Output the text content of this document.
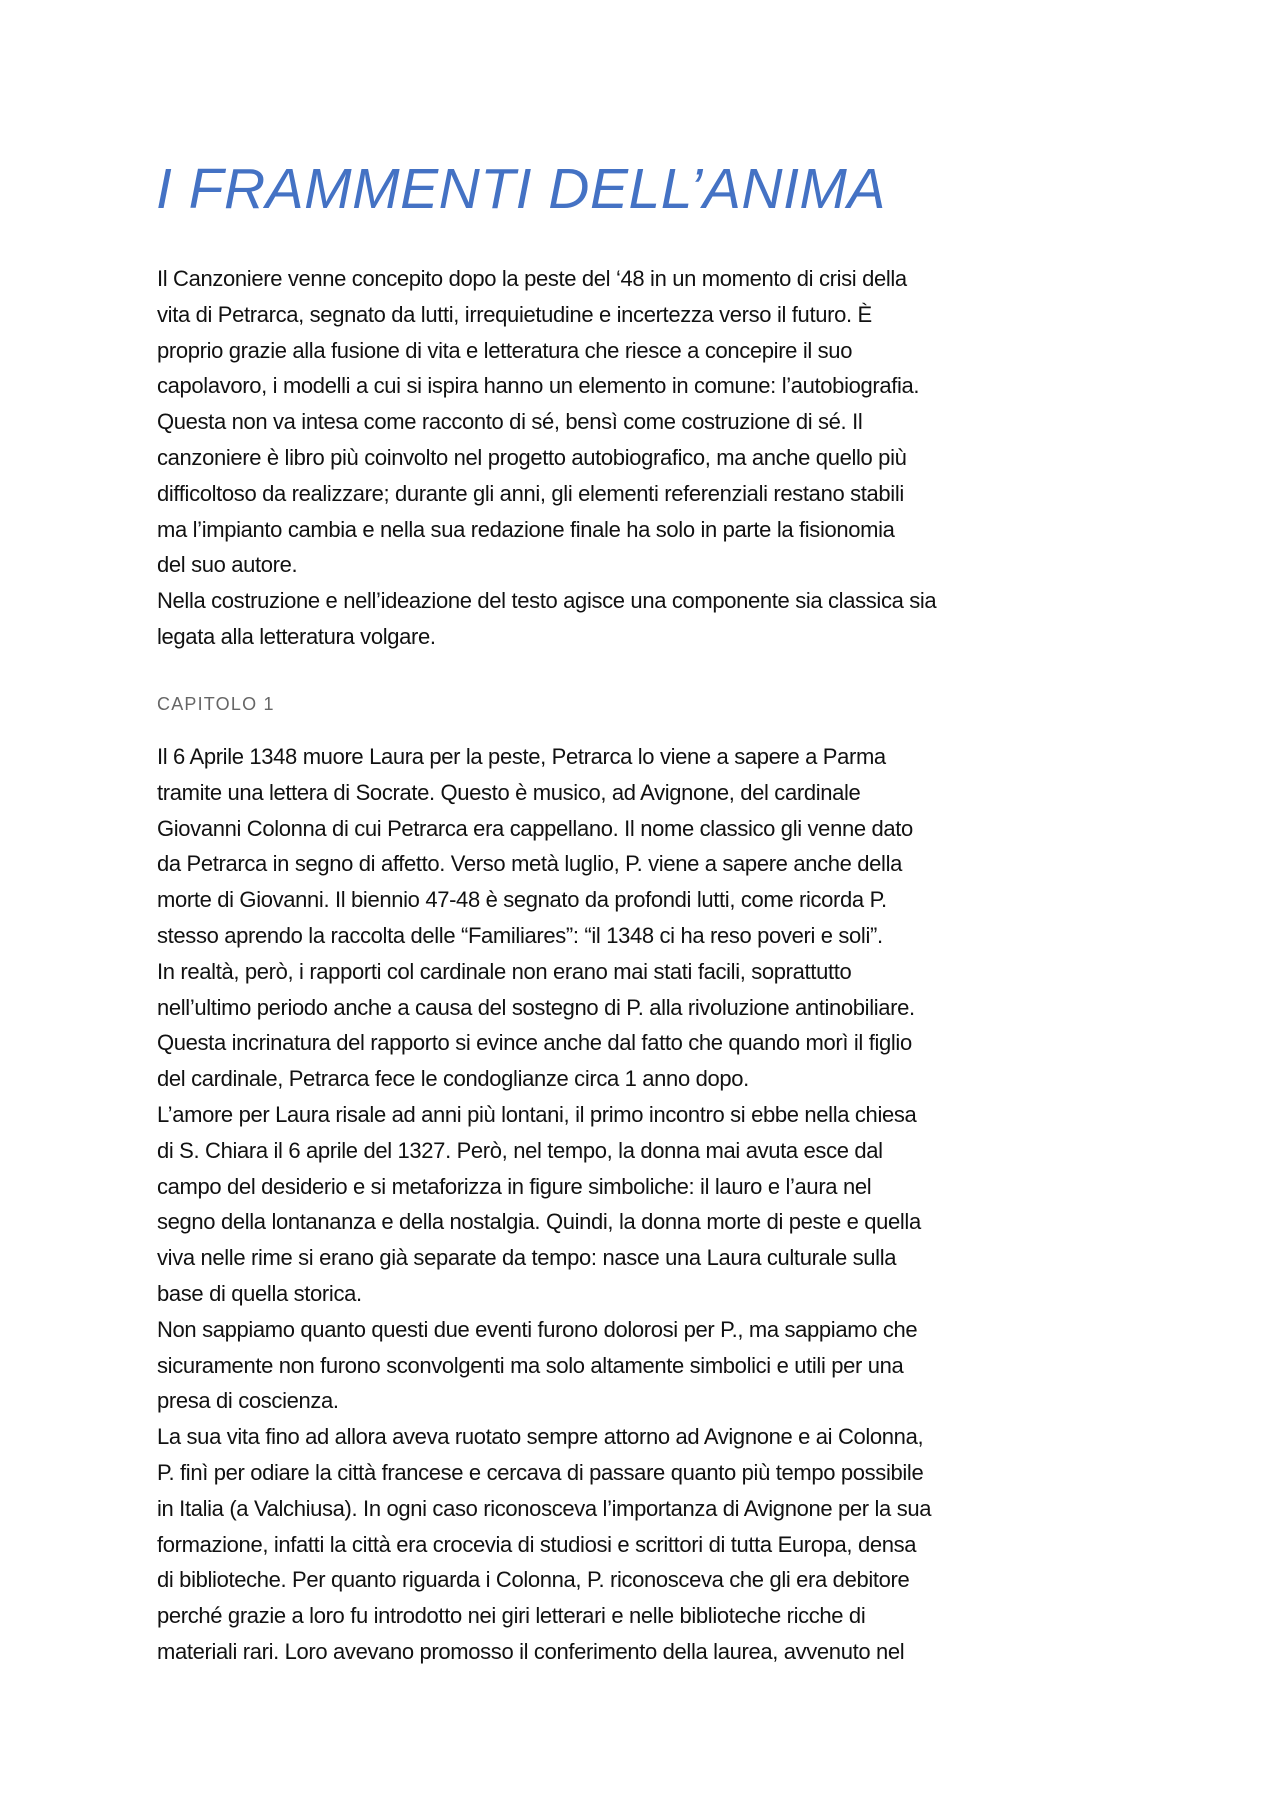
I FRAMMENTI DELL’ANIMA
Il Canzoniere venne concepito dopo la peste del ‘48 in un momento di crisi della
vita di Petrarca, segnato da lutti, irrequietudine e incertezza verso il futuro. È
proprio grazie alla fusione di vita e letteratura che riesce a concepire il suo
capolavoro, i modelli a cui si ispira hanno un elemento in comune: l’autobiografia.
Questa non va intesa come racconto di sé, bensì come costruzione di sé. Il
canzoniere è libro più coinvolto nel progetto autobiografico, ma anche quello più
difficoltoso da realizzare; durante gli anni, gli elementi referenziali restano stabili
ma l’impianto cambia e nella sua redazione finale ha solo in parte la fisionomia
del suo autore.
Nella costruzione e nell’ideazione del testo agisce una componente sia classica sia
legata alla letteratura volgare.
CAPITOLO 1
Il 6 Aprile 1348 muore Laura per la peste, Petrarca lo viene a sapere a Parma
tramite una lettera di Socrate. Questo è musico, ad Avignone, del cardinale
Giovanni Colonna di cui Petrarca era cappellano. Il nome classico gli venne dato
da Petrarca in segno di affetto. Verso metà luglio, P. viene a sapere anche della
morte di Giovanni. Il biennio 47-48 è segnato da profondi lutti, come ricorda P.
stesso aprendo la raccolta delle “Familiares”: “il 1348 ci ha reso poveri e soli”.
In realtà, però, i rapporti col cardinale non erano mai stati facili, soprattutto
nell’ultimo periodo anche a causa del sostegno di P. alla rivoluzione antinobiliare.
Questa incrinatura del rapporto si evince anche dal fatto che quando morì il figlio
del cardinale, Petrarca fece le condoglianze circa 1 anno dopo.
L’amore per Laura risale ad anni più lontani, il primo incontro si ebbe nella chiesa
di S. Chiara il 6 aprile del 1327. Però, nel tempo, la donna mai avuta esce dal
campo del desiderio e si metaforizza in figure simboliche: il lauro e l’aura nel
segno della lontananza e della nostalgia. Quindi, la donna morte di peste e quella
viva nelle rime si erano già separate da tempo: nasce una Laura culturale sulla
base di quella storica.
Non sappiamo quanto questi due eventi furono dolorosi per P., ma sappiamo che
sicuramente non furono sconvolgenti ma solo altamente simbolici e utili per una
presa di coscienza.
La sua vita fino ad allora aveva ruotato sempre attorno ad Avignone e ai Colonna,
P. finì per odiare la città francese e cercava di passare quanto più tempo possibile
in Italia (a Valchiusa). In ogni caso riconosceva l’importanza di Avignone per la sua
formazione, infatti la città era crocevia di studiosi e scrittori di tutta Europa, densa
di biblioteche. Per quanto riguarda i Colonna, P. riconosceva che gli era debitore
perché grazie a loro fu introdotto nei giri letterari e nelle biblioteche ricche di
materiali rari. Loro avevano promosso il conferimento della laurea, avvenuto nel
